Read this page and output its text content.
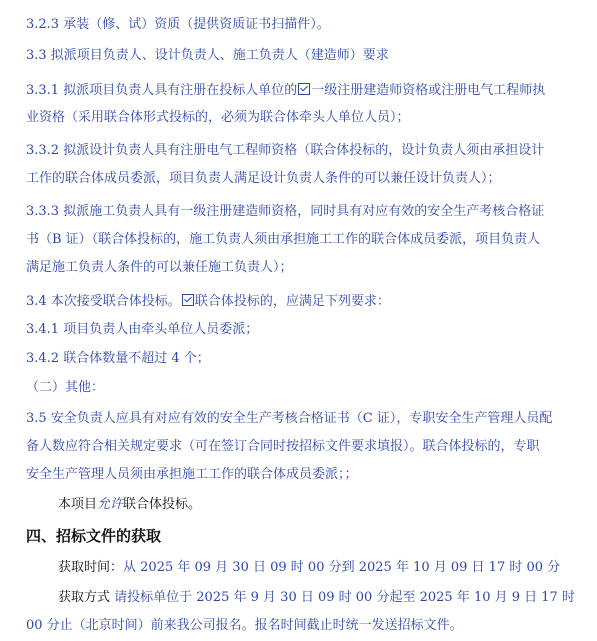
3.2.3 承装（修、试）资质（提供资质证书扫描件）。
3.3 拟派项目负责人、设计负责人、施工负责人（建造师）要求
3.3.1 拟派项目负责人具有注册在投标人单位的 一级注册建造师资格或注册电气工程师执
业资格（采用联合体形式投标的，必须为联合体牵头人单位人员）；
3.3.2 拟派设计负责人具有注册电气工程师资格（联合体投标的，设计负责人须由承担设计
工作的联合体成员委派，项目负责人满足设计负责人条件的可以兼任设计负责人）；
3.3.3 拟派施工负责人具有一级注册建造师资格，同时具有对应有效的安全生产考核合格证
书（B 证）（联合体投标的，施工负责人须由承担施工工作的联合体成员委派，项目负责人
满足施工负责人条件的可以兼任施工负责人）；
3.4 本次接受联合体投标。 联合体投标的，应满足下列要求：
3.4.1 项目负责人由牵头单位人员委派；
3.4.2 联合体数量不超过 4 个；
（二）其他：
3.5 安全负责人应具有对应有效的安全生产考核合格证书（C 证），专职安全生产管理人员配
备人数应符合相关规定要求（可在签订合同时按招标文件要求填报）。联合体投标的，专职
安全生产管理人员须由承担施工工作的联合体成员委派；；
本项目允许联合体投标。
四、招标文件的获取
获取时间：从 2025 年 09 月 30 日 09 时 00 分到 2025 年 10 月 09 日 17 时 00 分
获取方式 请投标单位于 2025 年 9 月 30 日 09 时 00 分起至 2025 年 10 月 9 日 17 时
00 分止（北京时间）前来我公司报名。报名时间截止时统一发送招标文件。
